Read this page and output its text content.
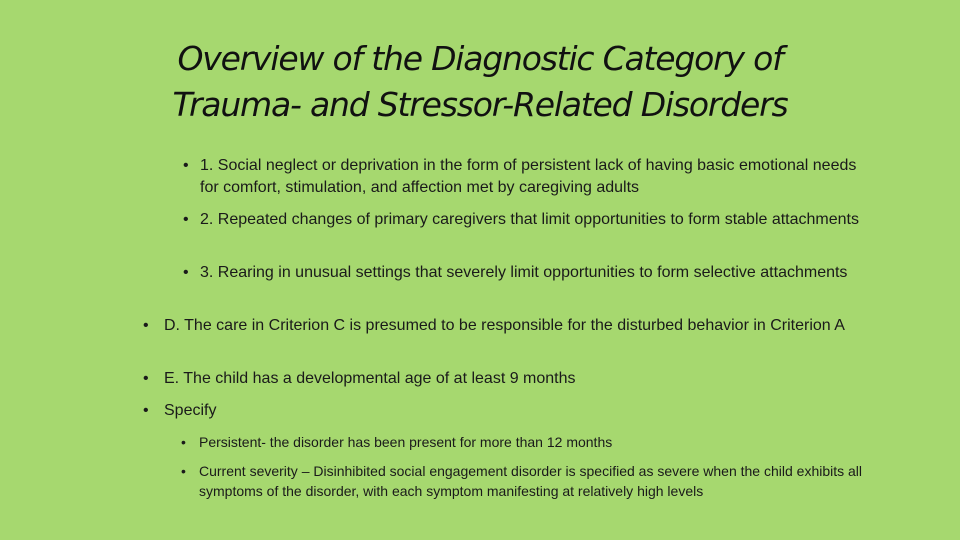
Overview of the Diagnostic Category of
Trauma- and Stressor-Related Disorders
• 1. Social neglect or deprivation in the form of persistent lack of having basic emotional needs for comfort, stimulation, and affection met by caregiving adults
• 2. Repeated changes of primary caregivers that limit opportunities to form stable attachments
• 3. Rearing in unusual settings that severely limit opportunities to form selective attachments
• D. The care in Criterion C is presumed to be responsible for the disturbed behavior in Criterion A
• E. The child has a developmental age of at least 9 months
• Specify
• Persistent- the disorder has been present for more than 12 months
• Current severity – Disinhibited social engagement disorder is specified as severe when the child exhibits all symptoms of the disorder, with each symptom manifesting at relatively high levels
